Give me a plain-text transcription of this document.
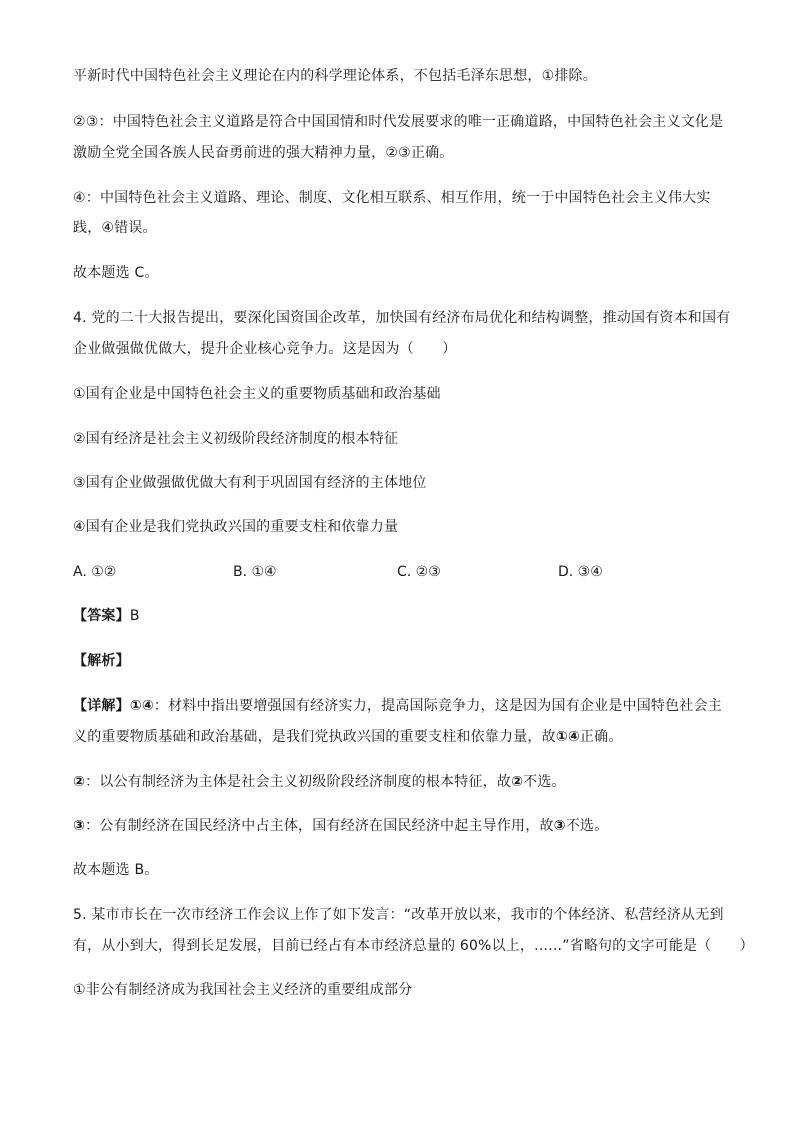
平新时代中国特色社会主义理论在内的科学理论体系，不包括毛泽东思想，①排除。
②③：中国特色社会主义道路是符合中国国情和时代发展要求的唯一正确道路，中国特色社会主义文化是
激励全党全国各族人民奋勇前进的强大精神力量，②③正确。
④：中国特色社会主义道路、理论、制度、文化相互联系、相互作用，统一于中国特色社会主义伟大实
践，④错误。
故本题选 C。
4. 党的二十大报告提出，要深化国资国企改革，加快国有经济布局优化和结构调整，推动国有资本和国有
企业做强做优做大，提升企业核心竞争力。这是因为（　　）
①国有企业是中国特色社会主义的重要物质基础和政治基础
②国有经济是社会主义初级阶段经济制度的根本特征
③国有企业做强做优做大有利于巩固国有经济的主体地位
④国有企业是我们党执政兴国的重要支柱和依靠力量
A. ①②	B. ①④	C. ②③	D. ③④
【答案】B
【解析】
【详解】①④：材料中指出要增强国有经济实力，提高国际竞争力，这是因为国有企业是中国特色社会主
义的重要物质基础和政治基础，是我们党执政兴国的重要支柱和依靠力量，故①④正确。
②：以公有制经济为主体是社会主义初级阶段经济制度的根本特征，故②不选。
③：公有制经济在国民经济中占主体，国有经济在国民经济中起主导作用，故③不选。
故本题选 B。
5. 某市市长在一次市经济工作会议上作了如下发言：“改革开放以来，我市的个体经济、私营经济从无到
有，从小到大，得到长足发展，目前已经占有本市经济总量的 60%以上，……”省略句的文字可能是（　　）
①非公有制经济成为我国社会主义经济的重要组成部分
